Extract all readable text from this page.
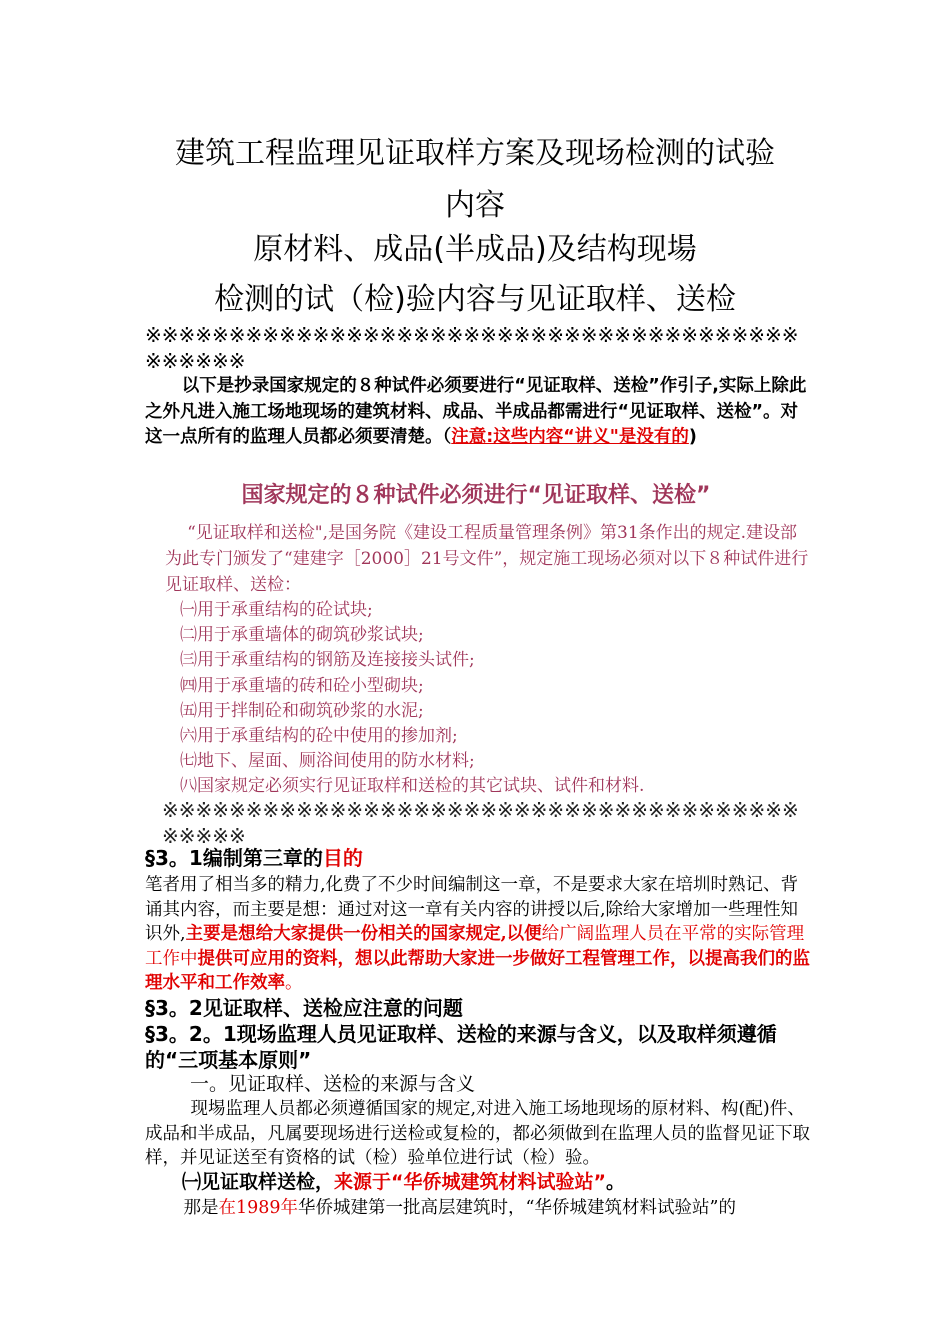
建筑工程监理见证取样方案及现场检测的试验
内容
原材料、成品(半成品)及结构现場
检测的试（检)验内容与见证取样、送检

※※※※※※※※※※※※※※※※※※※※※※※※※※※※※※※※※※※※※※※※※※※※※

以下是抄录国家规定的８种试件必须要进行“见证取样、送检”作引子,实际上除此之外凡进入施工场地现场的建筑材料、成品、半成品都需进行“见证取样、送检”。对这一点所有的监理人员都必须要清楚。（注意:这些内容“讲义"是没有的)

国家规定的８种试件必须进行“见证取样、送检”

“见证取样和送检",是国务院《建设工程质量管理条例》第31条作出的规定.建设部为此专门颁发了“建建字［2000］21号文件”，规定施工现场必须对以下８种试件进行见证取样、送检：

㈠用于承重结构的砼试块;
㈡用于承重墙体的砌筑砂浆试块;
㈢用于承重结构的钢筋及连接接头试件;
㈣用于承重墙的砖和砼小型砌块;
㈤用于拌制砼和砌筑砂浆的水泥;
㈥用于承重结构的砼中使用的掺加剂;
㈦地下、屋面、厕浴间使用的防水材料;
㈧国家规定必须实行见证取样和送检的其它试块、试件和材料.

※※※※※※※※※※※※※※※※※※※※※※※※※※※※※※※※※※※※※※※※※※※

§3。1编制第三章的目的

笔者用了相当多的精力,化费了不少时间编制这一章，不是要求大家在培圳时熟记、背诵其内容，而主要是想：通过对这一章有关内容的讲授以后,除给大家增加一些理性知识外,主要是想给大家提供一份相关的国家规定,以便给广阔监理人员在平常的实际管理工作中提供可应用的资料，想以此帮助大家进一步做好工程管理工作，以提高我们的监理水平和工作效率。

§3。2见证取样、送检应注意的问题
§3。2。1现场监理人员见证取样、送检的来源与含义，以及取样须遵循的“三项基本原则”

一。见证取样、送检的来源与含义

现埸监理人员都必须遵循国家的规定,对进入施工场地现场的原材料、构(配)件、成品和半成品，凡属要现场进行送检或复检的，都必须做到在监理人员的监督见证下取样，并见证送至有资格的试（检）验单位进行试（检）验。

㈠见证取样送检，来源于“华侨城建筑材料试验站”。

那是在1989年华侨城建第一批高层建筑时，“华侨城建筑材料试验站”的
